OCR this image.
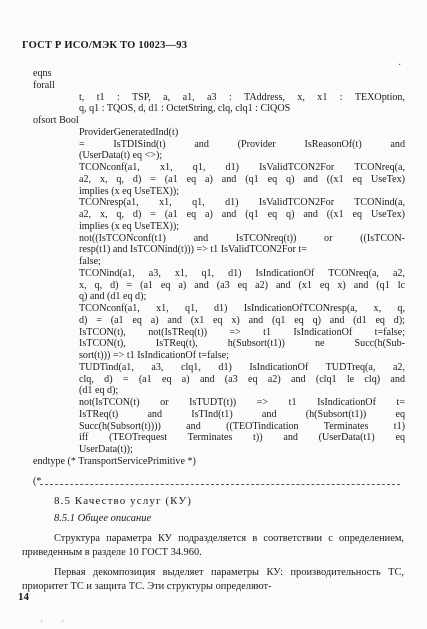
ГОСТ Р ИСО/МЭК ТО 10023—93
·
eqns
forall
t, t1 : TSP, a, a1, a3 : TAddress, x, x1 : TEXOption,
q, q1 : TQOS, d, d1 : OctetString, clq, clq1 : ClQOS
ofsort Bool
ProviderGeneratedInd(t)
= IsTDISind(t) and (Provider IsReasonOf(t) and
(UserData(t) eq <>);
TCONconf(a1, x1, q1, d1) IsValidTCON2For TCONreq(a,
a2, x, q, d) = (a1 eq a) and (q1 eq q) and ((x1 eq UseTex)
implies (x eq UseTEX));
TCONresp(a1, x1, q1, d1) IsValidTCON2For TCONind(a,
a2, x, q, d) = (a1 eq a) and (q1 eq q) and ((x1 eq UseTex)
implies (x eq UseTEX));
not((IsTCONconf(t1) and IsTCONreq(t)) or ((IsTCON-
resp(t1) and IsTCONind(t))) => t1 IsValidTCON2For t=
false;
TCONind(a1, a3, x1, q1, d1) IsIndicationOf TCONreq(a, a2,
x, q, d) = (a1 eq a) and (a3 eq a2) and (x1 eq x) and (q1 lc
q) and (d1 eq d);
TCONconf(a1, x1, q1, d1) IsIndicationOfTCONresp(a, x, q,
d) = (a1 eq a) and (x1 eq x) and (q1 eq q) and (d1 eq d);
IsTCON(t), not(IsTReq(t)) => t1 IsIndicationOf t=false;
IsTCON(t), IsTReq(t), h(Subsort(t1)) ne Succ(h(Sub-
sort(t))) => t1 IsIndicationOf t=false;
TUDTind(a1, a3, clq1, d1) IsIndicationOf TUDTreq(a, a2,
clq, d) = (a1 eq a) and (a3 eq a2) and (clq1 le clq) and
(d1 eq d);
not(IsTCON(t) or IsTUDT(t)) => t1 IsIndicationOf t=
IsTReq(t) and IsTInd(t1) and (h(Subsort(t1)) eq
Succ(h(Subsort(t)))) and ((TEOTindication Terminates t1)
iff (TEOTrequest Terminates t)) and (UserData(t1) eq
UserData(t));
endtype (* TransportServicePrimitive *)
(*
8.5 Качество услуг (КУ)
8.5.1 Общее описание
Структура параметра КУ подразделяется в соответствии с определением, приведенным в разделе 10 ГОСТ 34.960.
Первая декомпозиция выделяет параметры КУ: производительность ТС, приоритет ТС и защита ТС. Эти структуры определяют-
14
· ·
